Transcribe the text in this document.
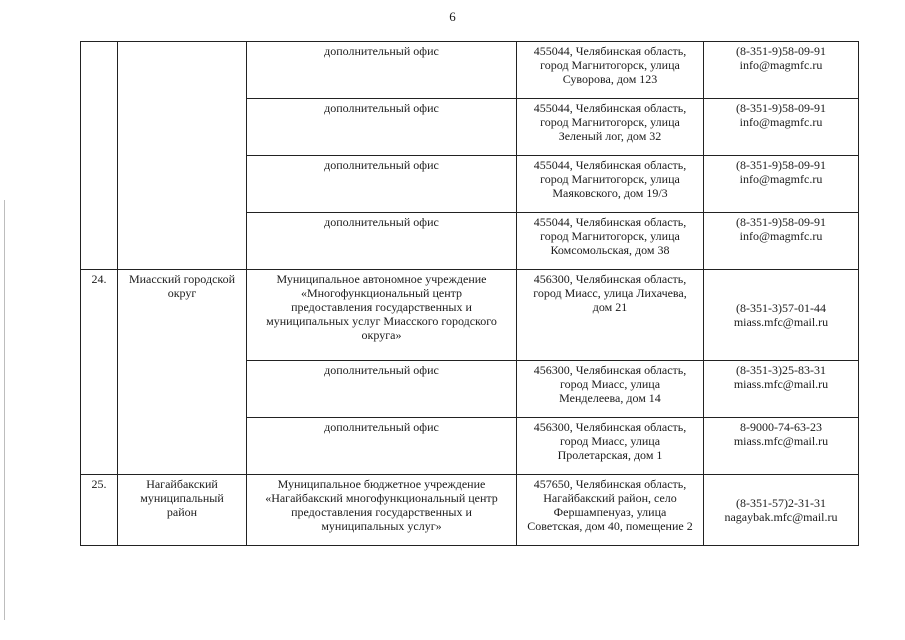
6
		дополнительный офис	455044, Челябинская область,
город Магнитогорск, улица
Суворова, дом 123	(8-351-9)58-09-91
info@magmfc.ru

		дополнительный офис	455044, Челябинская область,
город Магнитогорск, улица
Зеленый лог, дом 32	(8-351-9)58-09-91
info@magmfc.ru

		дополнительный офис	455044, Челябинская область,
город Магнитогорск, улица
Маяковского, дом 19/3	(8-351-9)58-09-91
info@magmfc.ru

		дополнительный офис	455044, Челябинская область,
город Магнитогорск, улица
Комсомольская, дом 38	(8-351-9)58-09-91
info@magmfc.ru

24.	Миасский городской округ	Муниципальное автономное учреждение
«Многофункциональный центр
предоставления государственных и
муниципальных услуг Миасского городского
округа»	456300, Челябинская область,
город Миасс, улица Лихачева,
дом 21	(8-351-3)57-01-44
miass.mfc@mail.ru

		дополнительный офис	456300, Челябинская область,
город Миасс, улица
Менделеева, дом 14	(8-351-3)25-83-31
miass.mfc@mail.ru

		дополнительный офис	456300, Челябинская область,
город Миасс, улица
Пролетарская, дом 1	8-9000-74-63-23
miass.mfc@mail.ru

25.	Нагайбакский
муниципальный
район	Муниципальное бюджетное учреждение
«Нагайбакский многофункциональный центр
предоставления государственных и
муниципальных услуг»	457650, Челябинская область,
Нагайбакский район, село
Фершампенуаз, улица
Советская, дом 40, помещение 2	(8-351-57)2-31-31
nagaybak.mfc@mail.ru
